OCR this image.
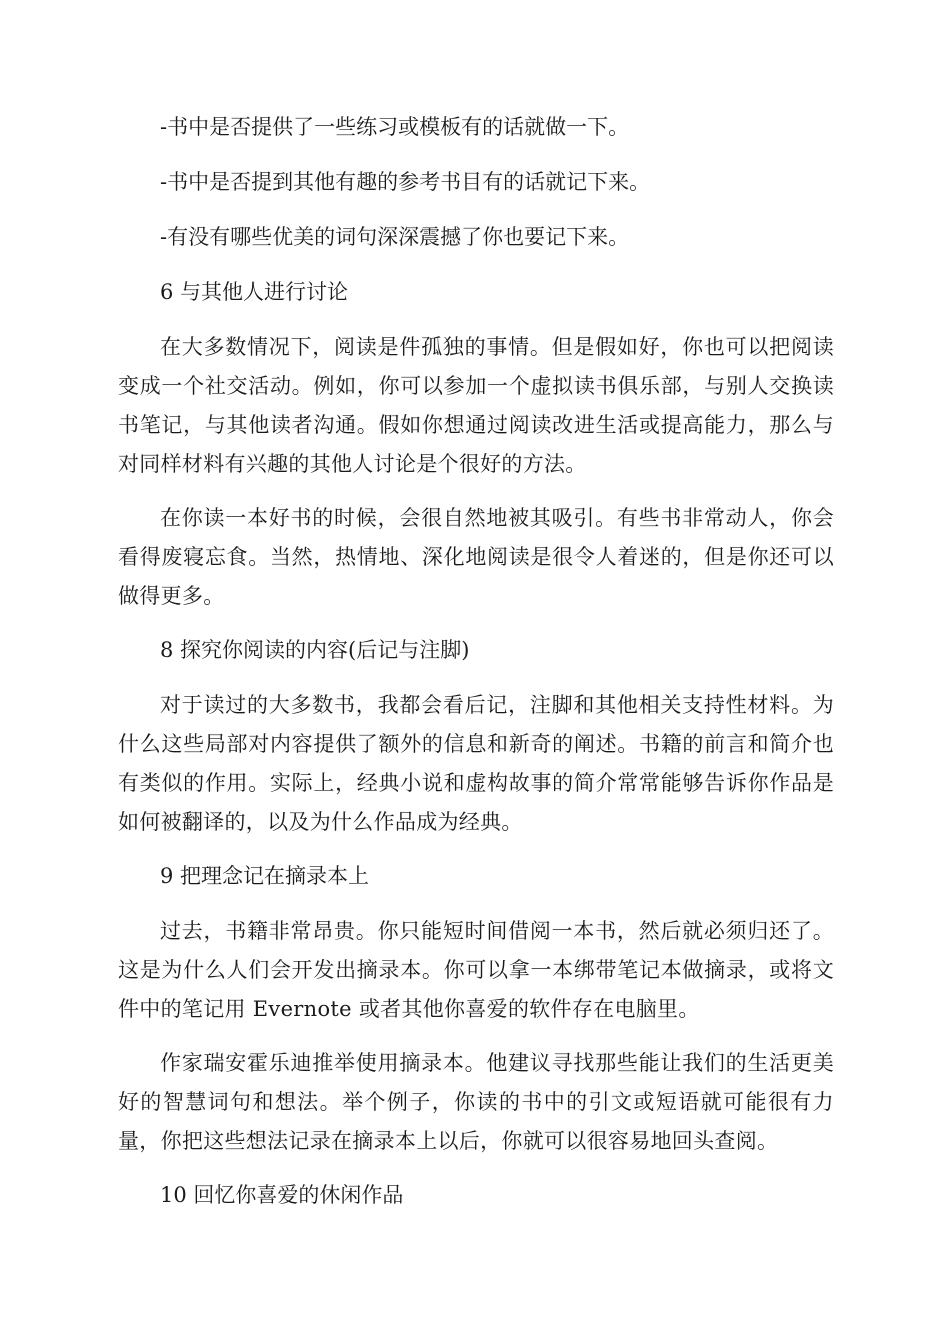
-书中是否提供了一些练习或模板有的话就做一下。

-书中是否提到其他有趣的参考书目有的话就记下来。

-有没有哪些优美的词句深深震撼了你也要记下来。

6 与其他人进行讨论

在大多数情况下，阅读是件孤独的事情。但是假如好，你也可以把阅读变成一个社交活动。例如，你可以参加一个虚拟读书俱乐部，与别人交换读书笔记，与其他读者沟通。假如你想通过阅读改进生活或提高能力，那么与对同样材料有兴趣的其他人讨论是个很好的方法。

在你读一本好书的时候，会很自然地被其吸引。有些书非常动人，你会看得废寝忘食。当然，热情地、深化地阅读是很令人着迷的，但是你还可以做得更多。

8 探究你阅读的内容(后记与注脚)

对于读过的大多数书，我都会看后记，注脚和其他相关支持性材料。为什么这些局部对内容提供了额外的信息和新奇的阐述。书籍的前言和简介也有类似的作用。实际上，经典小说和虚构故事的简介常常能够告诉你作品是如何被翻译的，以及为什么作品成为经典。

9 把理念记在摘录本上

过去，书籍非常昂贵。你只能短时间借阅一本书，然后就必须归还了。这是为什么人们会开发出摘录本。你可以拿一本绑带笔记本做摘录，或将文件中的笔记用 Evernote 或者其他你喜爱的软件存在电脑里。

作家瑞安霍乐迪推举使用摘录本。他建议寻找那些能让我们的生活更美好的智慧词句和想法。举个例子，你读的书中的引文或短语就可能很有力量，你把这些想法记录在摘录本上以后，你就可以很容易地回头查阅。

10 回忆你喜爱的休闲作品
